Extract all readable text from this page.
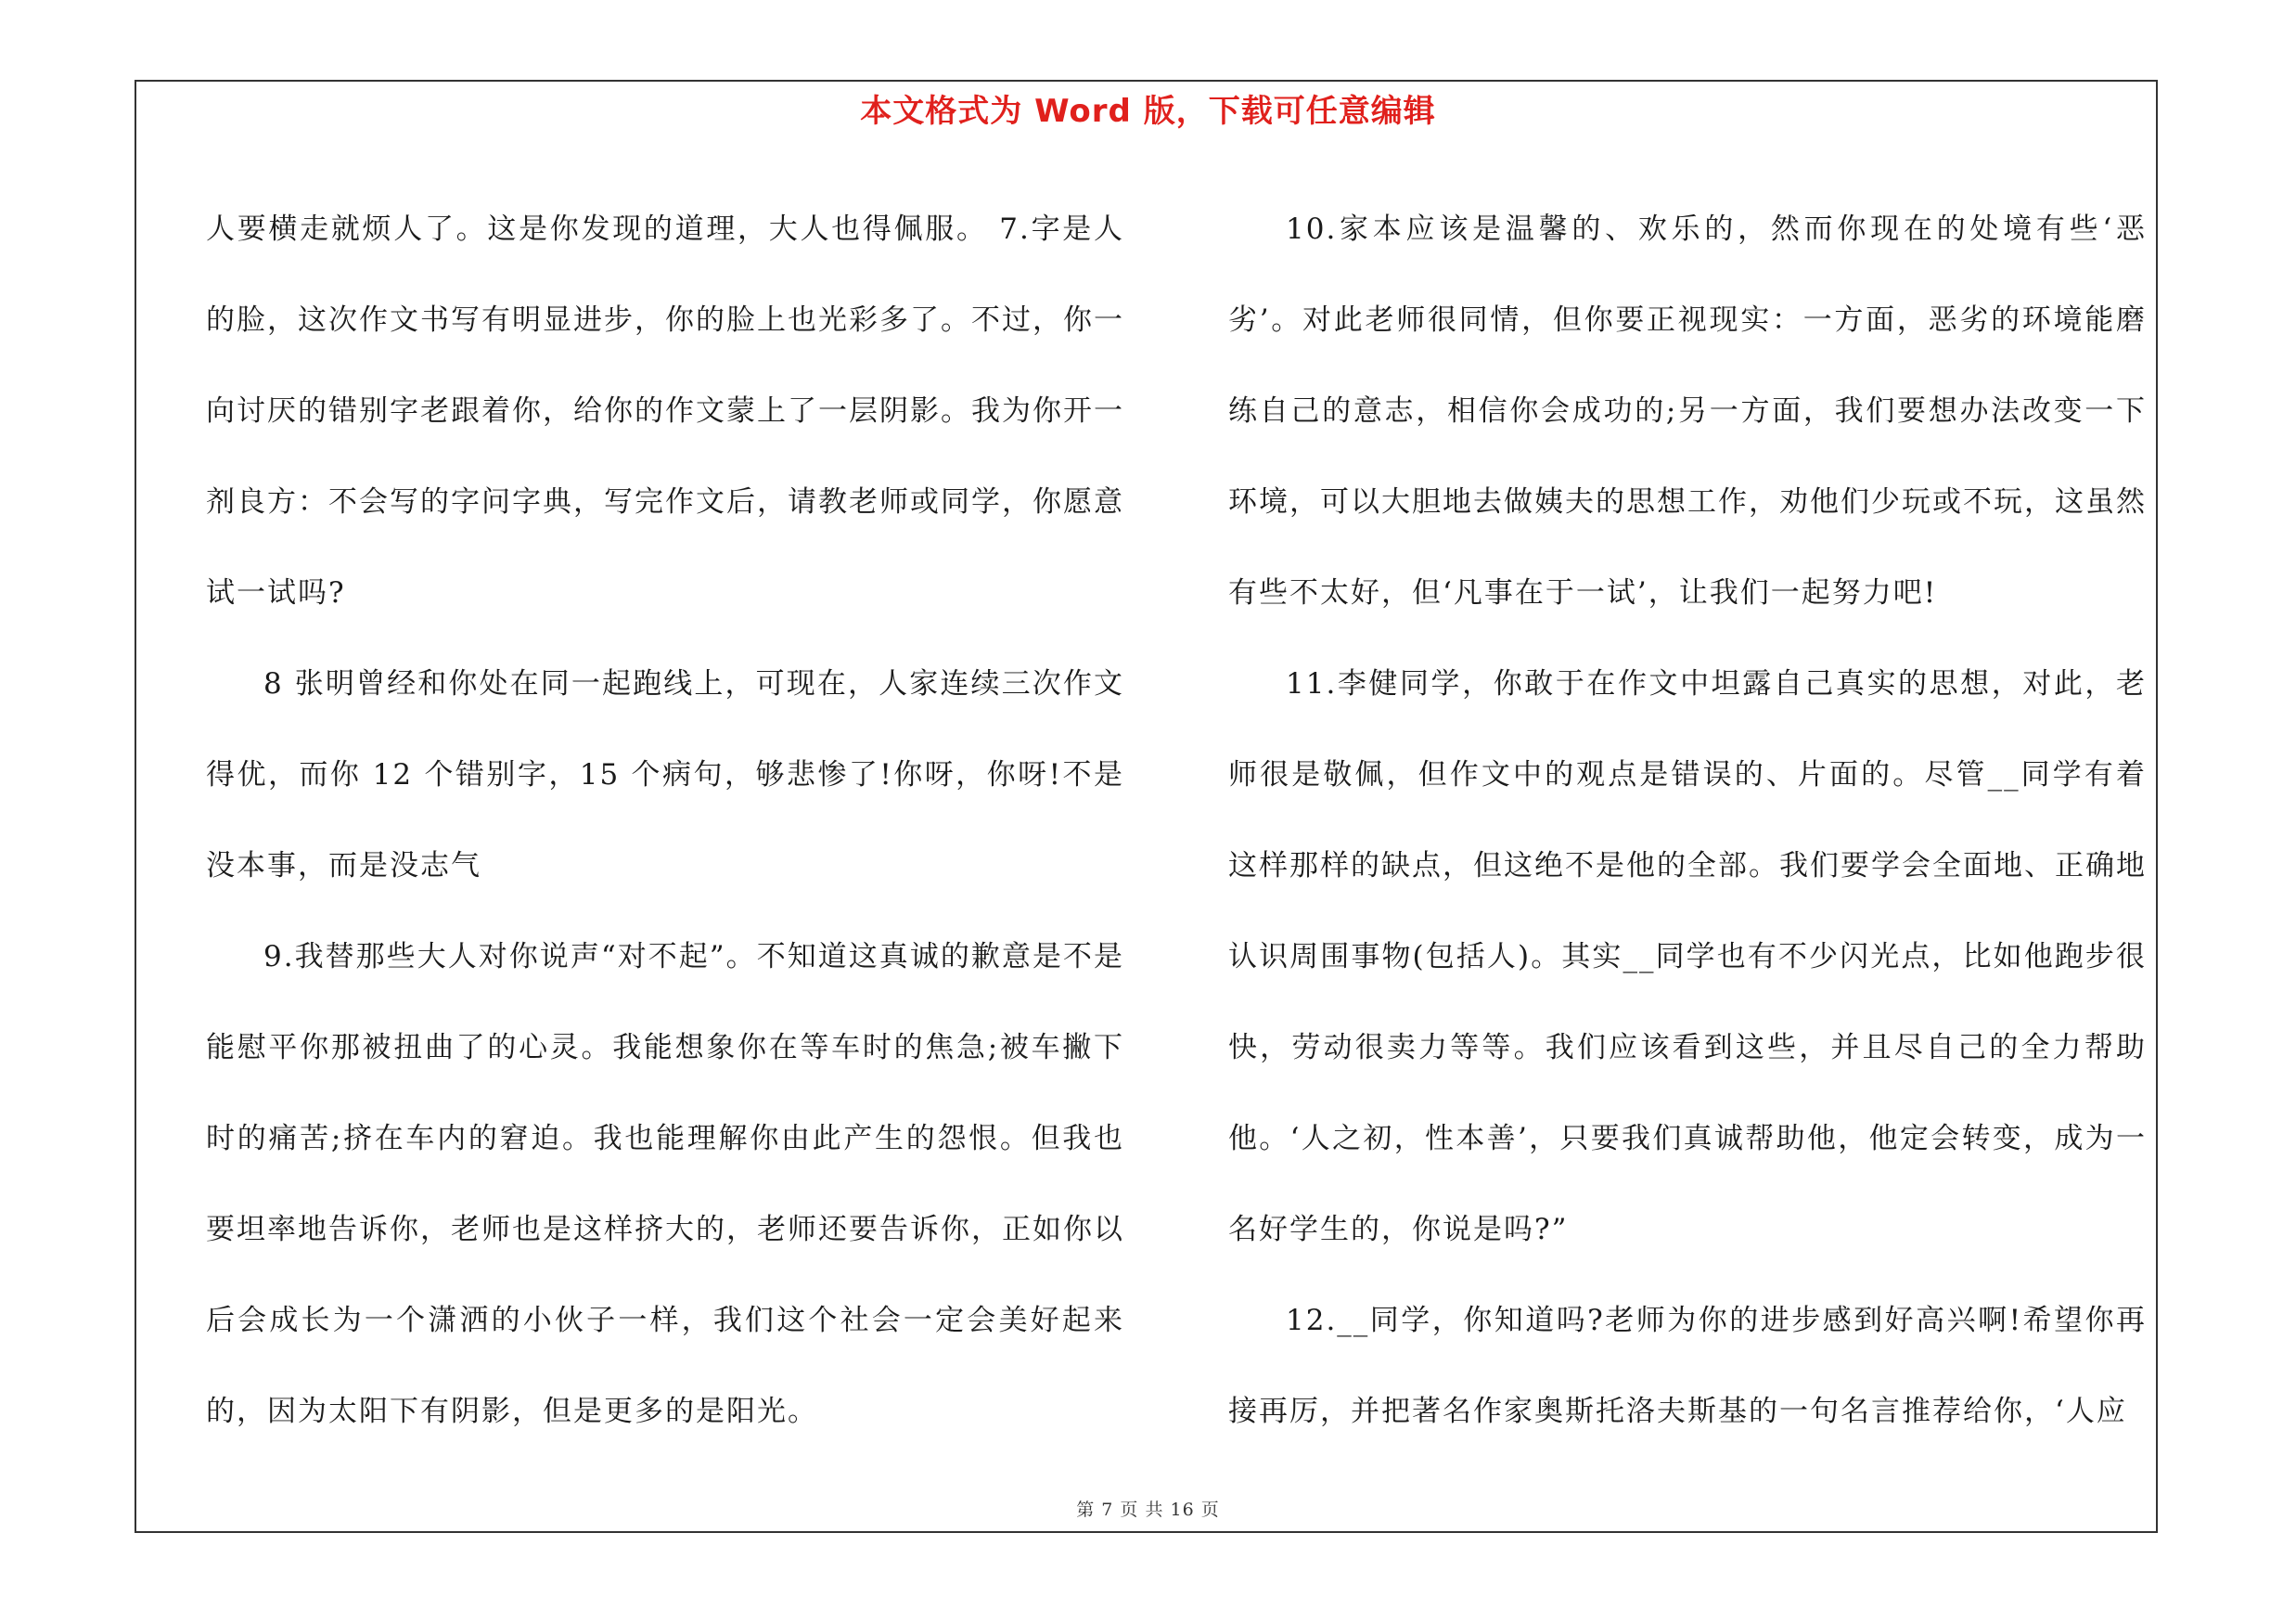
本文格式为 Word 版，下载可任意编辑

人要横走就烦人了。这是你发现的道理，大人也得佩服。 7.字是人的脸，这次作文书写有明显进步，你的脸上也光彩多了。不过，你一向讨厌的错别字老跟着你，给你的作文蒙上了一层阴影。我为你开一剂良方：不会写的字问字典，写完作文后，请教老师或同学，你愿意试一试吗?

8 张明曾经和你处在同一起跑线上，可现在，人家连续三次作文得优，而你 12 个错别字，15 个病句，够悲惨了!你呀，你呀!不是没本事，而是没志气

9.我替那些大人对你说声“对不起”。不知道这真诚的歉意是不是能慰平你那被扭曲了的心灵。我能想象你在等车时的焦急;被车撇下时的痛苦;挤在车内的窘迫。我也能理解你由此产生的怨恨。但我也要坦率地告诉你，老师也是这样挤大的，老师还要告诉你，正如你以后会成长为一个潇洒的小伙子一样，我们这个社会一定会美好起来的，因为太阳下有阴影，但是更多的是阳光。

10.家本应该是温馨的、欢乐的，然而你现在的处境有些‘恶劣’。对此老师很同情，但你要正视现实：一方面，恶劣的环境能磨练自己的意志，相信你会成功的;另一方面，我们要想办法改变一下环境，可以大胆地去做姨夫的思想工作，劝他们少玩或不玩，这虽然有些不太好，但‘凡事在于一试’，让我们一起努力吧!

11.李健同学，你敢于在作文中坦露自己真实的思想，对此，老师很是敬佩，但作文中的观点是错误的、片面的。尽管__同学有着这样那样的缺点，但这绝不是他的全部。我们要学会全面地、正确地认识周围事物(包括人)。其实__同学也有不少闪光点，比如他跑步很快，劳动很卖力等等。我们应该看到这些，并且尽自己的全力帮助他。‘人之初，性本善’，只要我们真诚帮助他，他定会转变，成为一名好学生的，你说是吗?”

12.__同学，你知道吗?老师为你的进步感到好高兴啊!希望你再接再厉，并把著名作家奥斯托洛夫斯基的一句名言推荐给你，‘人应

第 7 页 共 16 页
